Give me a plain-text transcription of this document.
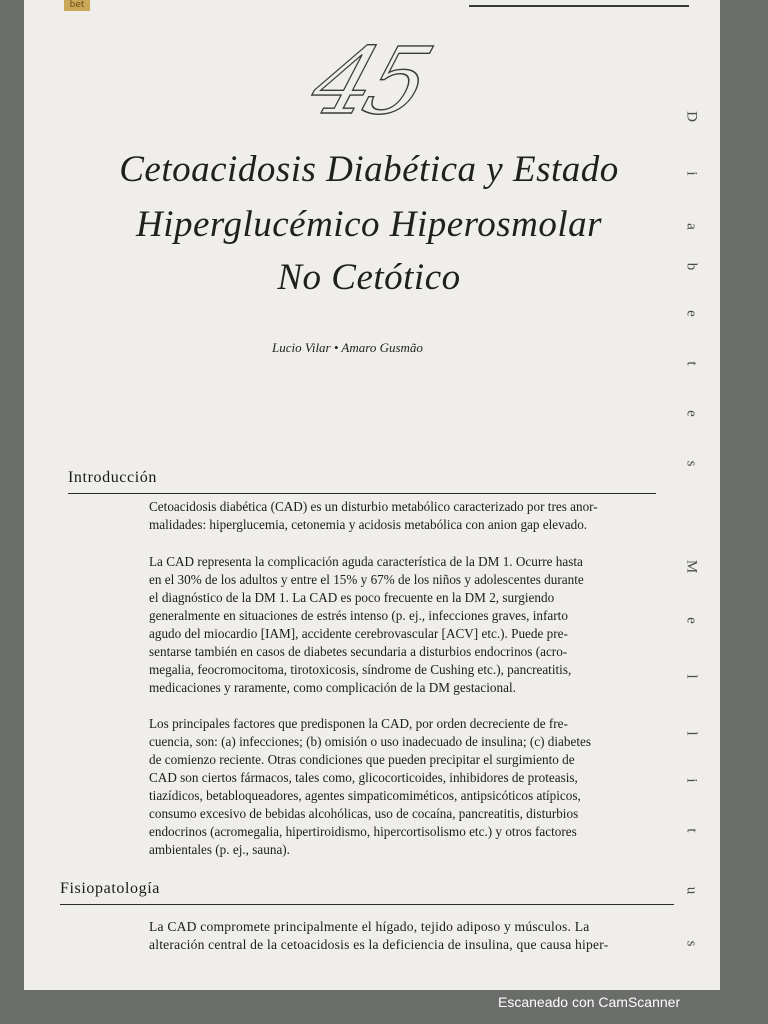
bet
45
Cetoacidosis Diabética y Estado
Hiperglucémico Hiperosmolar
No Cetótico
Lucio Vilar • Amaro Gusmão
Introducción
Cetoacidosis diabética (CAD) es un disturbio metabólico caracterizado por tres anor-
malidades: hiperglucemia, cetonemia y acidosis metabólica con anion gap elevado.
La CAD representa la complicación aguda característica de la DM 1. Ocurre hasta
en el 30% de los adultos y entre el 15% y 67% de los niños y adolescentes durante
el diagnóstico de la DM 1. La CAD es poco frecuente en la DM 2, surgiendo
generalmente en situaciones de estrés intenso (p. ej., infecciones graves, infarto
agudo del miocardio [IAM], accidente cerebrovascular [ACV] etc.). Puede pre-
sentarse también en casos de diabetes secundaria a disturbios endocrinos (acro-
megalia, feocromocitoma, tirotoxicosis, síndrome de Cushing etc.), pancreatitis,
medicaciones y raramente, como complicación de la DM gestacional.
Los principales factores que predisponen la CAD, por orden decreciente de fre-
cuencia, son: (a) infecciones; (b) omisión o uso inadecuado de insulina; (c) diabetes
de comienzo reciente. Otras condiciones que pueden precipitar el surgimiento de
CAD son ciertos fármacos, tales como, glicocorticoides, inhibidores de proteasis,
tiazídicos, betabloqueadores, agentes simpaticomiméticos, antipsicóticos atípicos,
consumo excesivo de bebidas alcohólicas, uso de cocaína, pancreatitis, disturbios
endocrinos (acromegalia, hipertiroidismo, hipercortisolismo etc.) y otros factores
ambientales (p. ej., sauna).
Fisiopatología
La CAD compromete principalmente el hígado, tejido adiposo y músculos. La
alteración central de la cetoacidosis es la deficiencia de insulina, que causa hiper-
D
i
a
b
e
t
e
s
M
e
l
l
i
t
u
s
Escaneado con CamScanner
